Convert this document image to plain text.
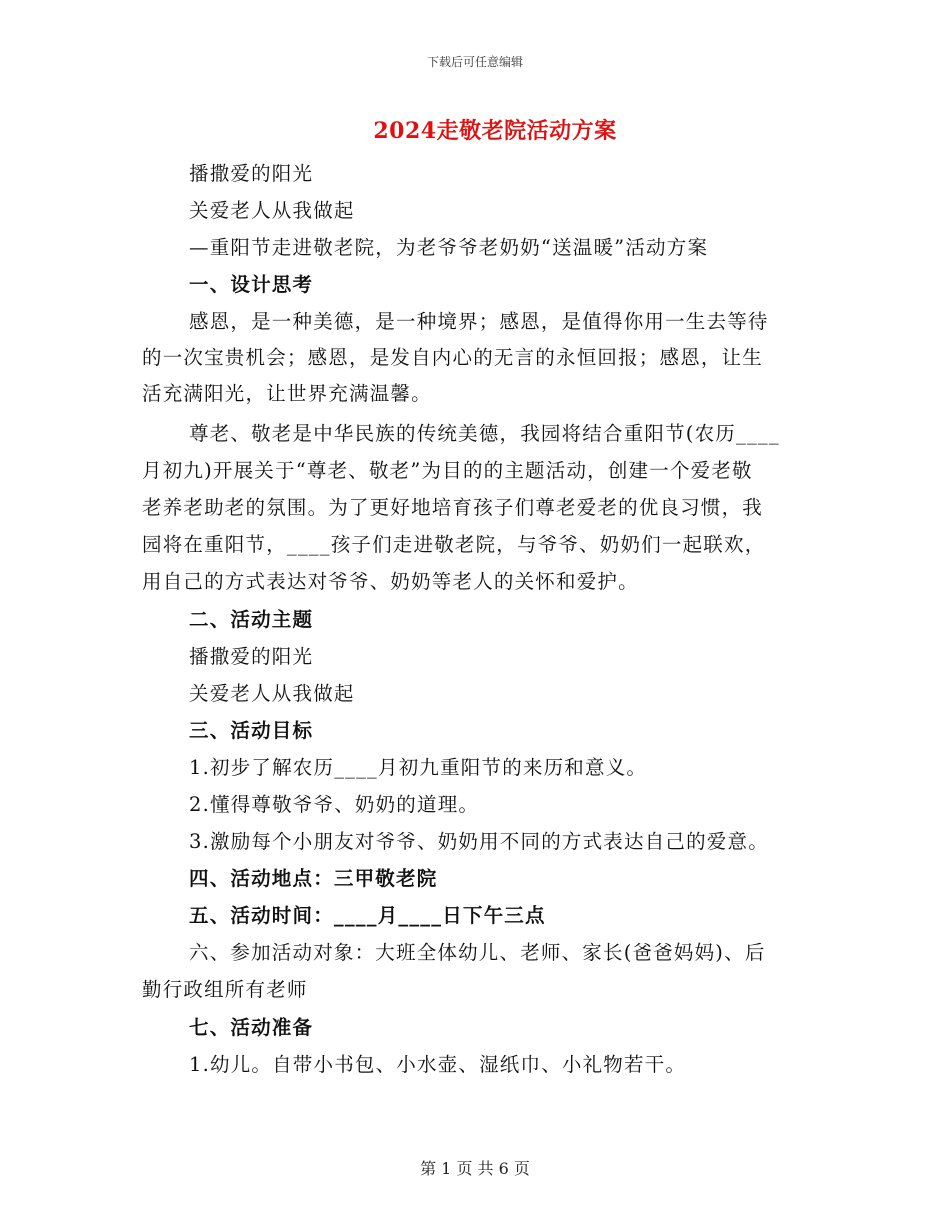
下载后可任意编辑
2024走敬老院活动方案
播撒爱的阳光
关爱老人从我做起
—重阳节走进敬老院，为老爷爷老奶奶“送温暖”活动方案
一、设计思考
感恩，是一种美德，是一种境界；感恩，是值得你用一生去等待
的一次宝贵机会；感恩，是发自内心的无言的永恒回报；感恩，让生
活充满阳光，让世界充满温馨。
尊老、敬老是中华民族的传统美德，我园将结合重阳节(农历____
月初九)开展关于“尊老、敬老”为目的的主题活动，创建一个爱老敬
老养老助老的氛围。为了更好地培育孩子们尊老爱老的优良习惯，我
园将在重阳节，____孩子们走进敬老院，与爷爷、奶奶们一起联欢，
用自己的方式表达对爷爷、奶奶等老人的关怀和爱护。
二、活动主题
播撒爱的阳光
关爱老人从我做起
三、活动目标
1.初步了解农历____月初九重阳节的来历和意义。
2.懂得尊敬爷爷、奶奶的道理。
3.激励每个小朋友对爷爷、奶奶用不同的方式表达自己的爱意。
四、活动地点：三甲敬老院
五、活动时间：____月____日下午三点
六、参加活动对象：大班全体幼儿、老师、家长(爸爸妈妈)、后
勤行政组所有老师
七、活动准备
1.幼儿。自带小书包、小水壶、湿纸巾、小礼物若干。
第 1 页 共 6 页
